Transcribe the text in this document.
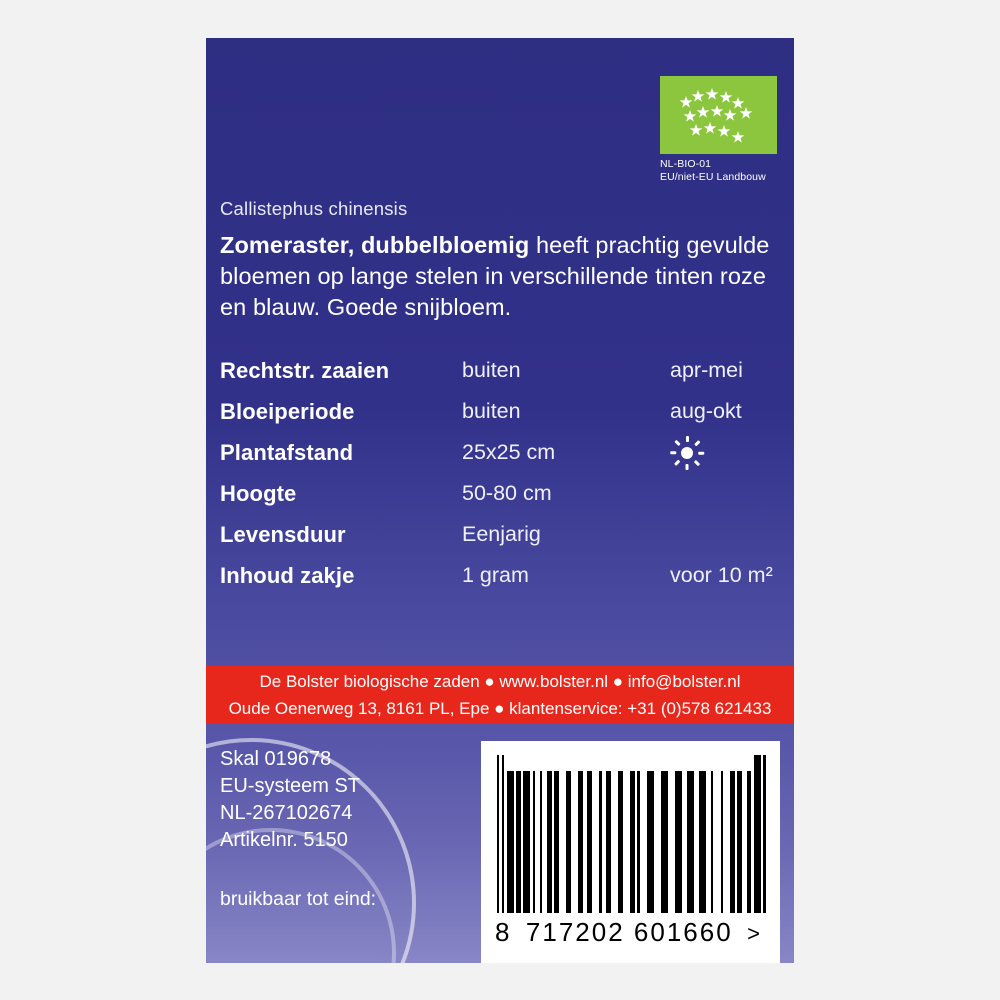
NL-BIO-01
EU/niet-EU Landbouw
Callistephus chinensis
Zomeraster, dubbelbloemig heeft prachtig gevulde bloemen op lange stelen in verschillende tinten roze en blauw. Goede snijbloem.
Rechtstr. zaaien	buiten	apr-mei
Bloeiperiode	buiten	aug-okt
Plantafstand	25x25 cm
Hoogte	50-80 cm
Levensduur	Eenjarig
Inhoud zakje	1 gram	voor 10 m²
De Bolster biologische zaden ● www.bolster.nl ● info@bolster.nl
Oude Oenerweg 13, 8161 PL, Epe ● klantenservice: +31 (0)578 621433
Skal 019678
EU-systeem ST
NL-267102674
Artikelnr. 5150
bruikbaar tot eind:
8 717202 601660 >
